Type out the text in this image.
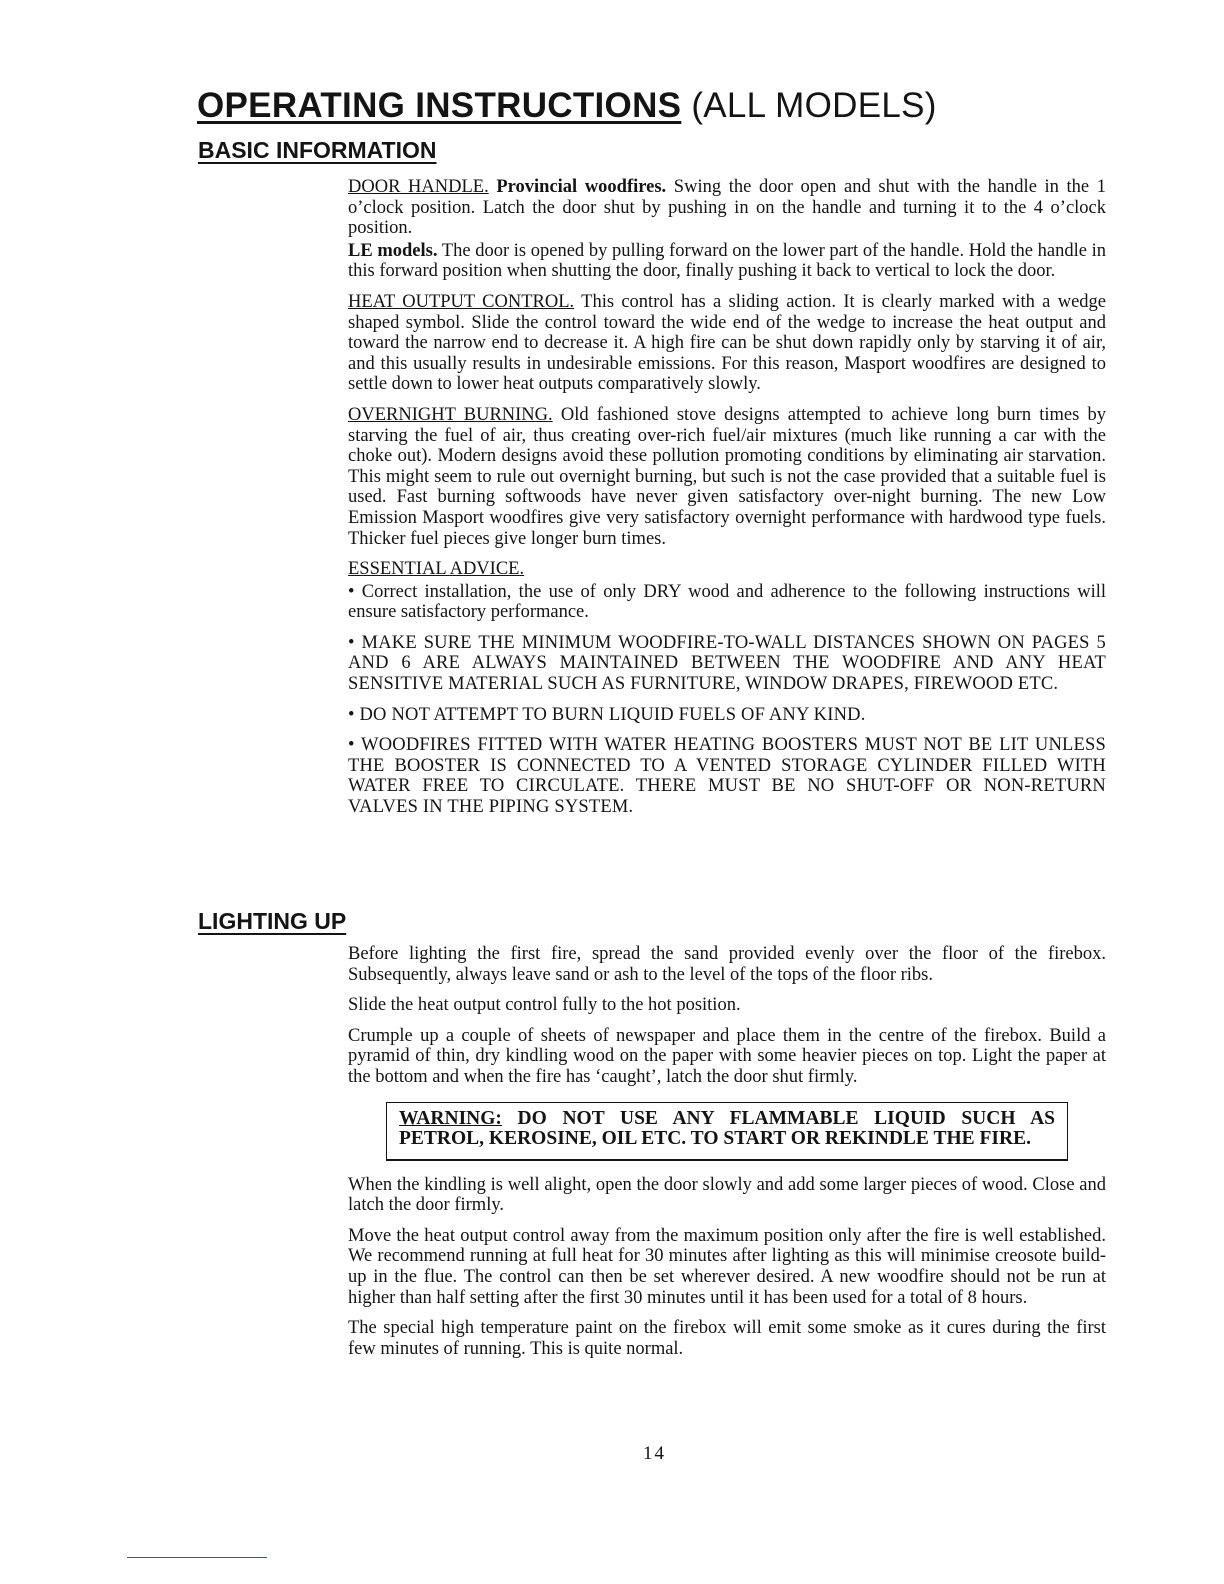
OPERATING INSTRUCTIONS (ALL MODELS)
BASIC INFORMATION

DOOR HANDLE. Provincial woodfires. Swing the door open and shut with the handle in the 1 o’clock position. Latch the door shut by pushing in on the handle and turning it to the 4 o’clock position.

LE models. The door is opened by pulling forward on the lower part of the handle. Hold the handle in this forward position when shutting the door, finally pushing it back to vertical to lock the door.

HEAT OUTPUT CONTROL. This control has a sliding action. It is clearly marked with a wedge shaped symbol. Slide the control toward the wide end of the wedge to increase the heat output and toward the narrow end to decrease it. A high fire can be shut down rapidly only by starving it of air, and this usually results in undesirable emissions. For this reason, Masport woodfires are designed to settle down to lower heat outputs comparatively slowly.

OVERNIGHT BURNING. Old fashioned stove designs attempted to achieve long burn times by starving the fuel of air, thus creating over-rich fuel/air mixtures (much like running a car with the choke out). Modern designs avoid these pollution promoting conditions by eliminating air starvation. This might seem to rule out overnight burning, but such is not the case provided that a suitable fuel is used. Fast burning softwoods have never given satisfactory over-night burning. The new Low Emission Masport woodfires give very satisfactory overnight performance with hardwood type fuels. Thicker fuel pieces give longer burn times.

ESSENTIAL ADVICE.

• Correct installation, the use of only DRY wood and adherence to the following instructions will ensure satisfactory performance.

• MAKE SURE THE MINIMUM WOODFIRE-TO-WALL DISTANCES SHOWN ON PAGES 5 AND 6 ARE ALWAYS MAINTAINED BETWEEN THE WOODFIRE AND ANY HEAT SENSITIVE MATERIAL SUCH AS FURNITURE, WINDOW DRAPES, FIREWOOD ETC.

• DO NOT ATTEMPT TO BURN LIQUID FUELS OF ANY KIND.

• WOODFIRES FITTED WITH WATER HEATING BOOSTERS MUST NOT BE LIT UNLESS THE BOOSTER IS CONNECTED TO A VENTED STORAGE CYLINDER FILLED WITH WATER FREE TO CIRCULATE. THERE MUST BE NO SHUT-OFF OR NON-RETURN VALVES IN THE PIPING SYSTEM.

LIGHTING UP

Before lighting the first fire, spread the sand provided evenly over the floor of the firebox. Subsequently, always leave sand or ash to the level of the tops of the floor ribs.

Slide the heat output control fully to the hot position.

Crumple up a couple of sheets of newspaper and place them in the centre of the firebox. Build a pyramid of thin, dry kindling wood on the paper with some heavier pieces on top. Light the paper at the bottom and when the fire has ‘caught’, latch the door shut firmly.

WARNING: DO NOT USE ANY FLAMMABLE LIQUID SUCH AS PETROL, KEROSINE, OIL ETC. TO START OR REKINDLE THE FIRE.

When the kindling is well alight, open the door slowly and add some larger pieces of wood. Close and latch the door firmly.

Move the heat output control away from the maximum position only after the fire is well established. We recommend running at full heat for 30 minutes after lighting as this will minimise creosote build-up in the flue. The control can then be set wherever desired. A new woodfire should not be run at higher than half setting after the first 30 minutes until it has been used for a total of 8 hours.

The special high temperature paint on the firebox will emit some smoke as it cures during the first few minutes of running. This is quite normal.

14
